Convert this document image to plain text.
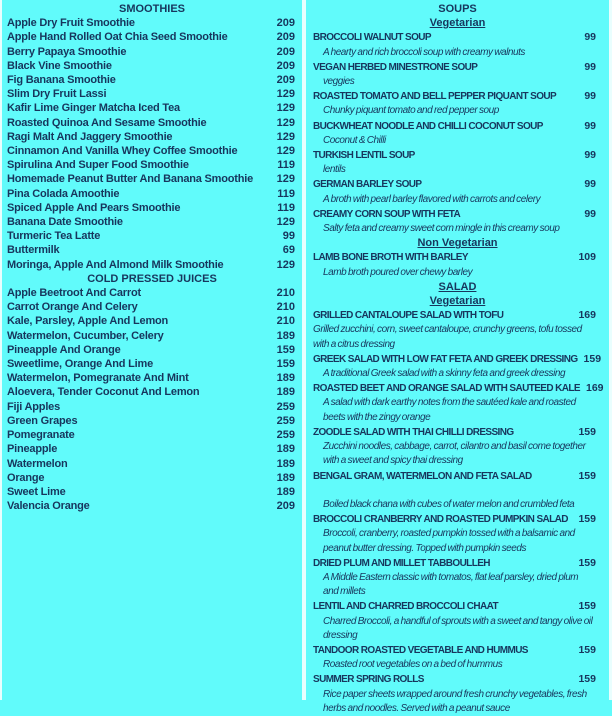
SMOOTHIES
Apple Dry Fruit Smoothie	209
Apple Hand Rolled Oat Chia Seed Smoothie	209
Berry Papaya Smoothie	209
Black Vine Smoothie	209
Fig Banana Smoothie	209
Slim Dry Fruit Lassi	129
Kafir Lime Ginger Matcha Iced Tea	129
Roasted Quinoa And Sesame Smoothie	129
Ragi Malt And Jaggery Smoothie	129
Cinnamon And Vanilla Whey Coffee Smoothie	129
Spirulina And Super Food Smoothie	119
Homemade Peanut Butter And Banana Smoothie 129
Pina Colada Amoothie	119
Spiced Apple And Pears Smoothie	119
Banana Date Smoothie	129
Turmeric Tea Latte	99
Buttermilk	69
Moringa, Apple And Almond Milk Smoothie	129
COLD PRESSED JUICES
Apple Beetroot And Carrot	210
Carrot Orange And Celery	210
Kale, Parsley, Apple And Lemon	210
Watermelon, Cucumber, Celery	189
Pineapple And Orange	159
Sweetlime, Orange And Lime	159
Watermelon, Pomegranate And Mint	189
Aloevera, Tender Coconut And Lemon	189
Fiji Apples	259
Green Grapes	259
Pomegranate	259
Pineapple	189
Watermelon	189
Orange	189
Sweet Lime	189
Valencia Orange	209
SOUPS
Vegetarian
BROCCOLI WALNUT SOUP	99
A hearty and rich broccoli soup with creamy walnuts
VEGAN HERBED MINESTRONE SOUP	99
veggies
ROASTED TOMATO AND BELL PEPPER PIQUANT SOUP	99
Chunky piquant tomato and red pepper soup
BUCKWHEAT NOODLE AND CHILLI COCONUT SOUP	99
Coconut & Chilli
TURKISH LENTIL SOUP	99
lentils
GERMAN BARLEY SOUP	99
A broth with pearl barley flavored with carrots and celery
CREAMY CORN SOUP WITH FETA	99
Salty feta and creamy sweet corn mingle in this creamy soup
Non Vegetarian
LAMB BONE BROTH WITH BARLEY	109
Lamb broth poured over chewy barley
SALAD
Vegetarian
GRILLED CANTALOUPE SALAD WITH TOFU	169
Grilled zucchini, corn, sweet cantaloupe, crunchy greens, tofu tossed with a citrus dressing
GREEK SALAD WITH LOW FAT FETA AND GREEK DRESSING 159
A traditional Greek salad with a skinny feta and greek dressing
ROASTED BEET AND ORANGE SALAD WITH SAUTEED KALE 169
A salad with dark earthy notes from the sautéed kale and roasted beets with the zingy orange
ZOODLE SALAD WITH THAI CHILLI DRESSING	159
Zucchini noodles, cabbage, carrot, cilantro and basil come together with a sweet and spicy thai dressing
BENGAL GRAM, WATERMELON AND FETA SALAD	159
Boiled black chana with cubes of water melon and crumbled feta
BROCCOLI CRANBERRY AND ROASTED PUMPKIN SALAD 159
Broccoli, cranberry, roasted pumpkin tossed with a balsamic and peanut butter dressing. Topped with pumpkin seeds
DRIED PLUM AND MILLET TABBOULLEH	159
A Middle Eastern classic with tomatos, flat leaf parsley, dried plum and millets
LENTIL AND CHARRED BROCCOLI CHAAT	159
Charred Broccoli, a handful of sprouts with a sweet and tangy olive oil dressing
TANDOOR ROASTED VEGETABLE AND HUMMUS	159
Roasted root vegetables on a bed of hummus
SUMMER SPRING ROLLS	159
Rice paper sheets wrapped around fresh crunchy vegetables, fresh herbs and noodles. Served with a peanut sauce
